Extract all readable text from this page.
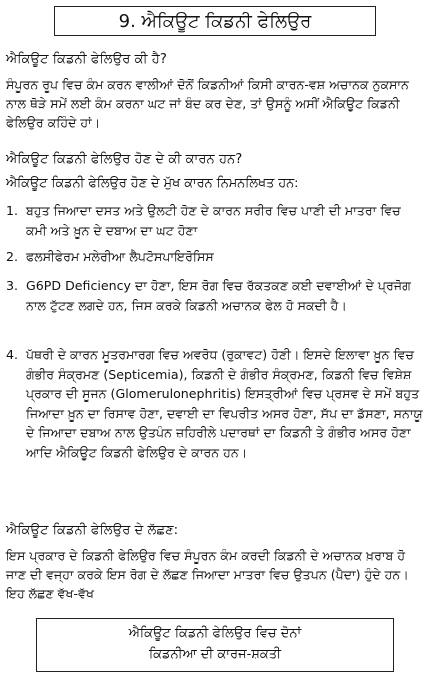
9. ਐਕਿਊਟ ਕਿਡਨੀ ਫੇਲਿਉਰ
ਐਕਿਊਟ ਕਿਡਨੀ ਫੇਲਿਉਰ ਕੀ ਹੈ?
ਸੰਪੂਰਨ ਰੂਪ ਵਿਚ ਕੰਮ ਕਰਨ ਵਾਲੀਆਂ ਦੋਨੋਂ ਕਿਡਨੀਆਂ ਕਿਸੀ ਕਾਰਨ-ਵਸ਼ ਅਚਾਨਕ ਨੁਕਸਾਨ ਨਾਲ ਥੋੜੇ ਸਮੇਂ ਲਈ ਕੰਮ ਕਰਨਾ ਘਟ ਜਾਂ ਬੰਦ ਕਰ ਦੇਣ, ਤਾਂ ਉਸਨੂੰ ਅਸੀਂ ਐਕਿਊਟ ਕਿਡਨੀ ਫੇਲਿਉਰ ਕਹਿੰਦੇ ਹਾਂ।
ਐਕਿਊਟ ਕਿਡਨੀ ਫੇਲਿਉਰ ਹੋਣ ਦੇ ਕੀ ਕਾਰਨ ਹਨ?
ਐਕਿਊਟ ਕਿਡਨੀ ਫੇਲਿਉਰ ਹੋਣ ਦੇ ਮੁੱਖ ਕਾਰਨ ਨਿਮਨਲਿਖਤ ਹਨ:
1. ਬਹੁਤ ਜਿਆਦਾ ਦਸਤ ਅਤੇ ਉਲਟੀ ਹੋਣ ਦੇ ਕਾਰਨ ਸਰੀਰ ਵਿਚ ਪਾਣੀ ਦੀ ਮਾਤਰਾ ਵਿਚ ਕਮੀ ਅਤੇ ਖ਼ੂਨ ਦੇ ਦਬਾਅ ਦਾ ਘਟ ਹੋਣਾ
2. ਫਲਸੀਫੇਰਮ ਮਲੇਰੀਆ ਲੈਪਟੋਸਪਾਇਰੋਸਿਸ
3. G6PD Deficiency ਦਾ ਹੋਣਾ, ਇਸ ਰੋਗ ਵਿਚ ਰੱਕਤਕਣ ਕਈ ਦਵਾਈਆਂ ਦੇ ਪ੍ਰਜੋਗ ਨਾਲ ਟੁੱਟਣ ਲਗਦੇ ਹਨ, ਜਿਸ ਕਰਕੇ ਕਿਡਨੀ ਅਚਾਨਕ ਫੇਲ ਹੋ ਸਕਦੀ ਹੈ।
4. ਪੱਥਰੀ ਦੇ ਕਾਰਨ ਮੂਤਰਮਾਰਗ ਵਿਚ ਅਵਰੋਧ (ਰੁਕਾਵਟ) ਹੋਣੀ। ਇਸਦੇ ਇਲਾਵਾ ਖ਼ੂਨ ਵਿਚ ਗੰਭੀਰ ਸੰਕ੍ਰਮਣ (Septicemia), ਕਿਡਨੀ ਦੇ ਗੰਭੀਰ ਸੰਕ੍ਰਮਣ, ਕਿਡਨੀ ਵਿਚ ਵਿਸ਼ੇਸ਼ ਪ੍ਰਕਾਰ ਦੀ ਸੂਜਨ (Glomerulonephritis) ਇਸਤ੍ਰੀਆਂ ਵਿਚ ਪ੍ਰਸਵ ਦੇ ਸਮੇਂ ਬਹੁਤ ਜਿਆਦਾ ਖ਼ੂਨ ਦਾ ਰਿਸਾਵ ਹੋਣਾ, ਦਵਾਈ ਦਾ ਵਿਪਰੀਤ ਅਸਰ ਹੋਣਾ, ਸੱਪ ਦਾ ਡੱਸਣਾ, ਸਨਾਯੂ ਦੇ ਜਿਆਦਾ ਦਬਾਅ ਨਾਲ ਉਤਪੰਨ ਜ਼ਹਿਰੀਲੇ ਪਦਾਰਥਾਂ ਦਾ ਕਿਡਨੀ ਤੇ ਗੰਭੀਰ ਅਸਰ ਹੋਣਾ ਆਦਿ ਐਕਿਊਟ ਕਿਡਨੀ ਫੇਲਿਉਰ ਦੇ ਕਾਰਨ ਹਨ।
ਐਕਿਊਟ ਕਿਡਨੀ ਫੇਲਿਉਰ ਦੇ ਲੱਛਣ:
ਇਸ ਪ੍ਰਕਾਰ ਦੇ ਕਿਡਨੀ ਫੇਲਿਉਰ ਵਿਚ ਸੰਪੂਰਨ ਕੰਮ ਕਰਦੀ ਕਿਡਨੀ ਦੇ ਅਚਾਨਕ ਖ਼ਰਾਬ ਹੋ ਜਾਣ ਦੀ ਵਜ੍ਹਾ ਕਰਕੇ ਇਸ ਰੋਗ ਦੇ ਲੱਛਣ ਜਿਆਦਾ ਮਾਤਰਾ ਵਿਚ ਉਤਪਨ (ਪੈਦਾ) ਹੁੰਦੇ ਹਨ। ਇਹ ਲੱਛਣ ਵੱਖ-ਵੱਖ
ਐਕਿਊਟ ਕਿਡਨੀ ਫੇਲਿਉਰ ਵਿਚ ਦੋਨਾਂ
ਕਿਡਨੀਆ ਦੀ ਕਾਰਜ-ਸ਼ਕਤੀ
